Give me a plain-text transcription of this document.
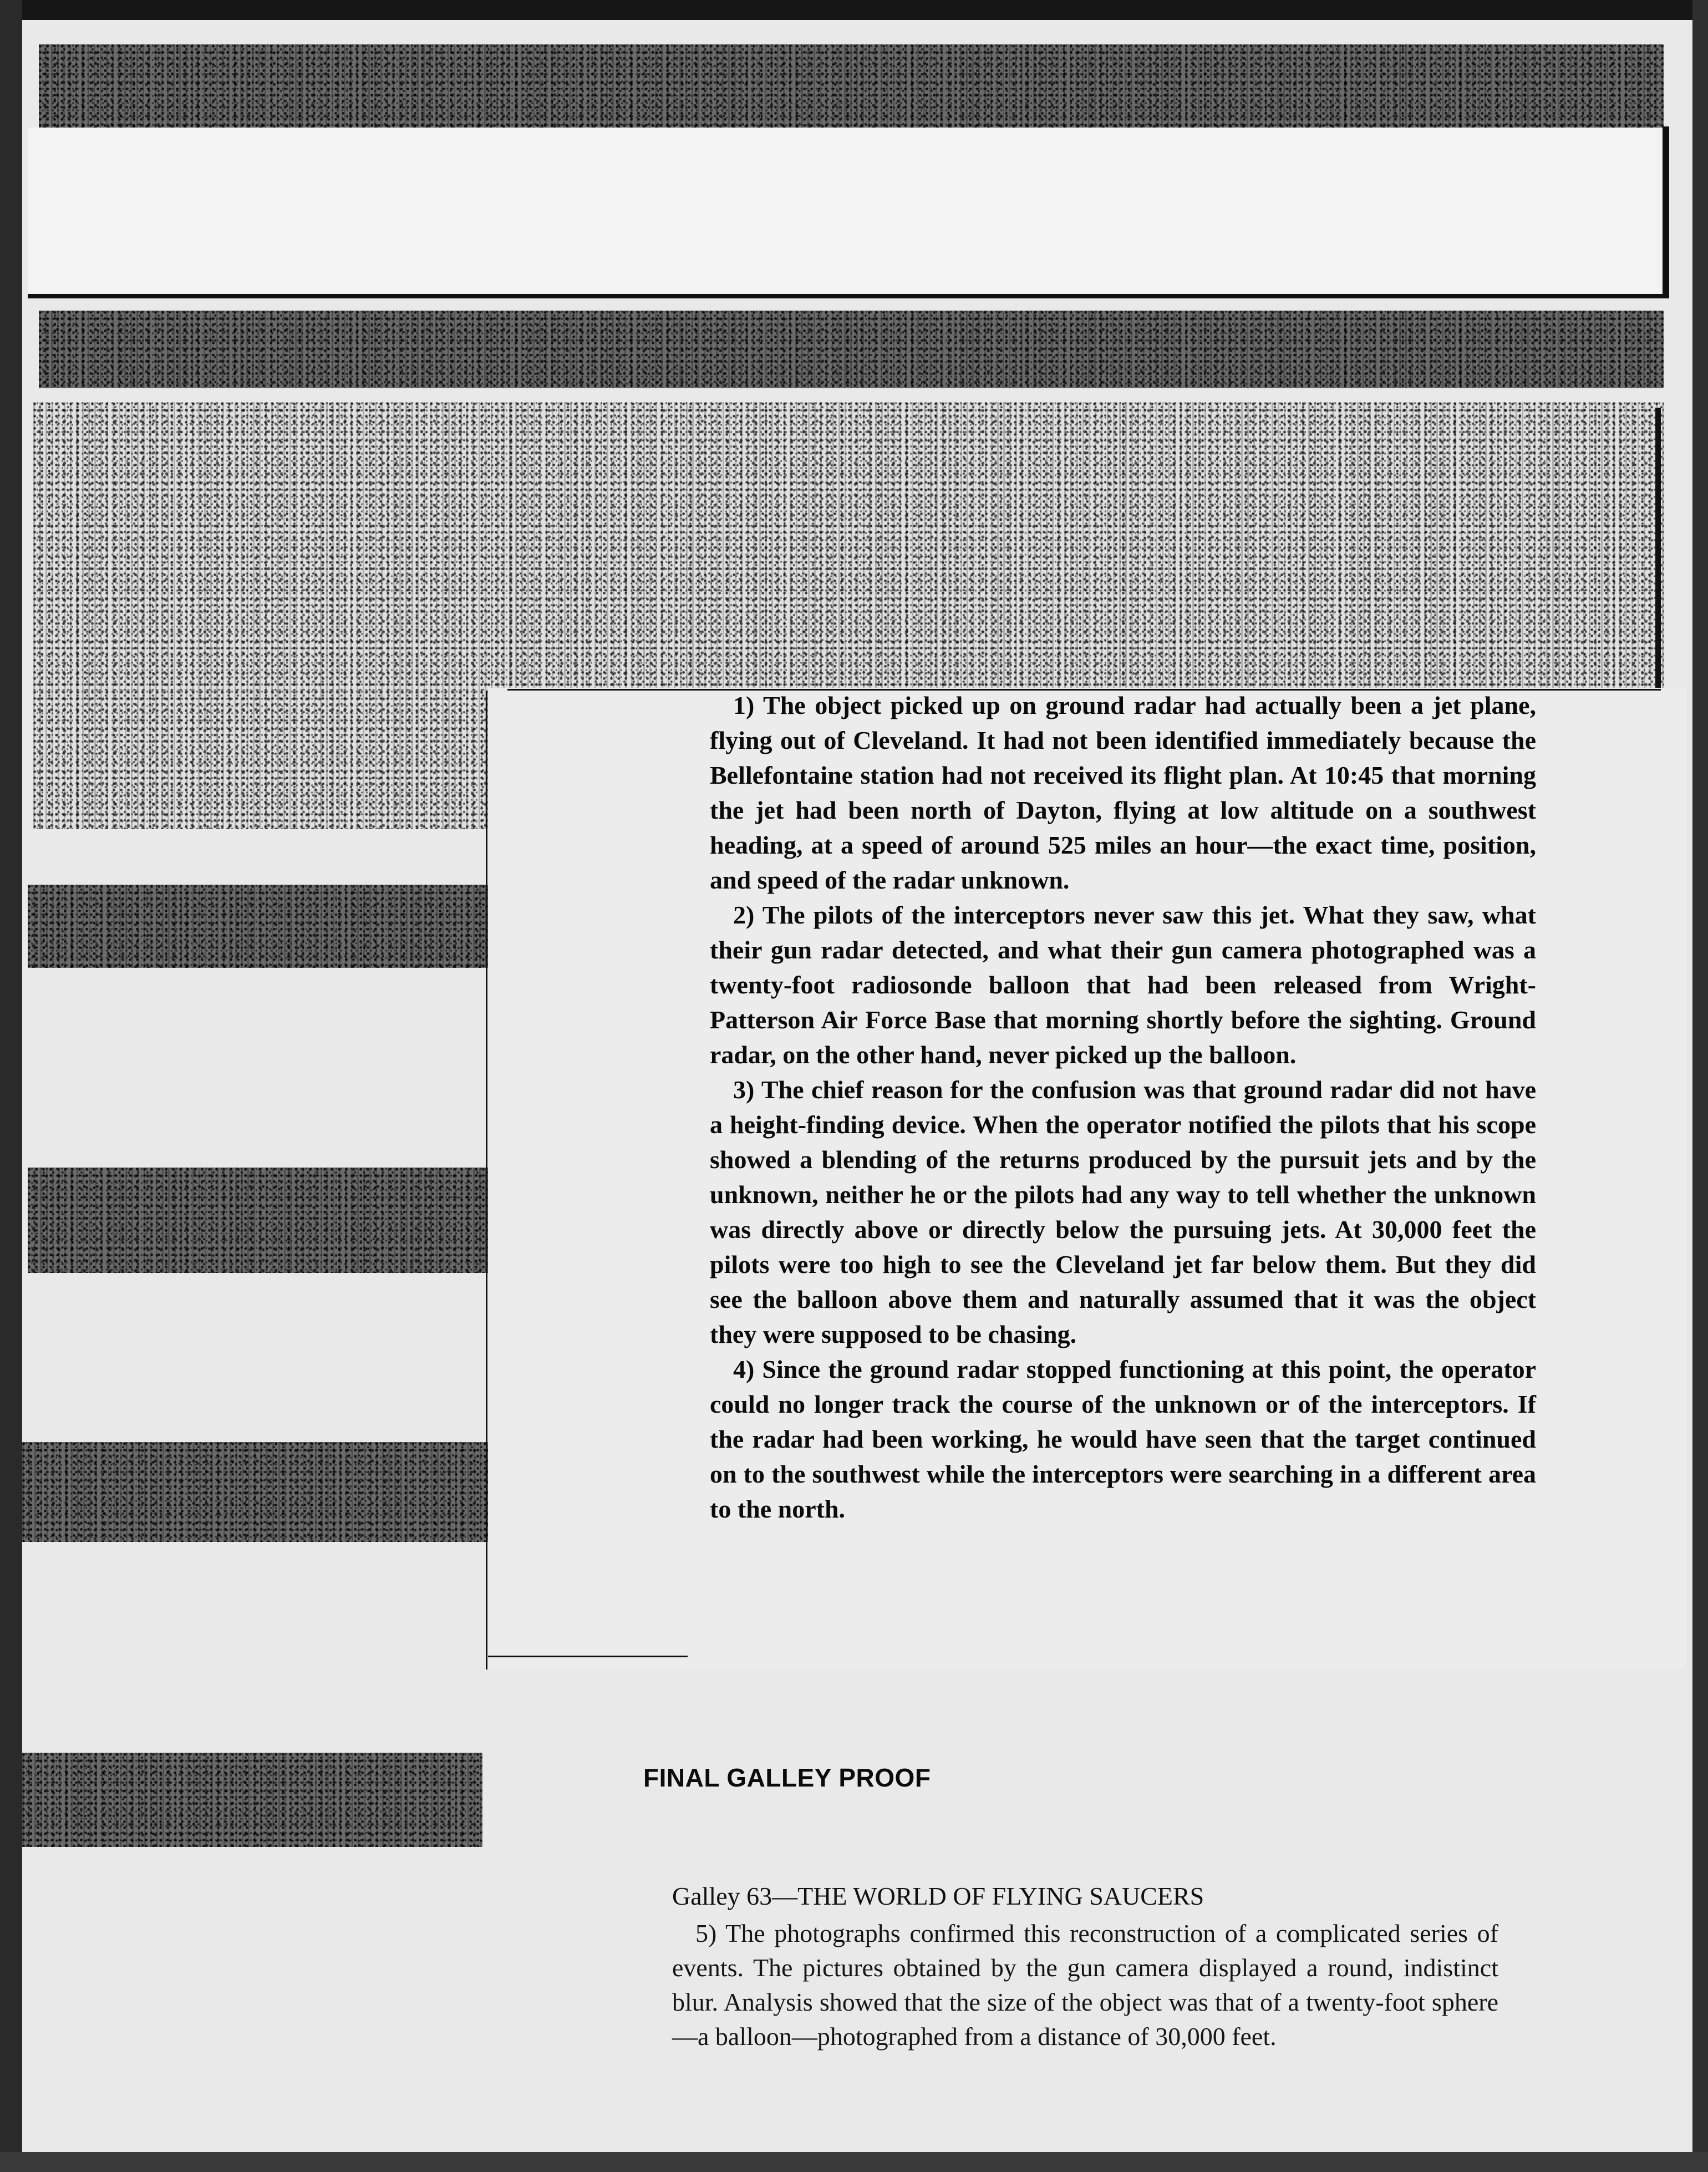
1) The object picked up on ground radar had actually been a jet plane, flying out of Cleveland. It had not been identified immediately because the Bellefontaine station had not received its flight plan. At 10:45 that morning the jet had been north of Dayton, flying at low altitude on a southwest heading, at a speed of around 525 miles an hour—the exact time, position, and speed of the radar unknown.

2) The pilots of the interceptors never saw this jet. What they saw, what their gun radar detected, and what their gun camera photographed was a twenty-foot radiosonde balloon that had been released from Wright-Patterson Air Force Base that morning shortly before the sighting. Ground radar, on the other hand, never picked up the balloon.

3) The chief reason for the confusion was that ground radar did not have a height-finding device. When the operator notified the pilots that his scope showed a blending of the returns produced by the pursuit jets and by the unknown, neither he or the pilots had any way to tell whether the unknown was directly above or directly below the pursuing jets. At 30,000 feet the pilots were too high to see the Cleveland jet far below them. But they did see the balloon above them and naturally assumed that it was the object they were supposed to be chasing.

4) Since the ground radar stopped functioning at this point, the operator could no longer track the course of the unknown or of the interceptors. If the radar had been working, he would have seen that the target continued on to the southwest while the interceptors were searching in a different area to the north.

FINAL GALLEY PROOF
Galley 63—THE WORLD OF FLYING SAUCERS

5) The photographs confirmed this reconstruction of a complicated series of events. The pictures obtained by the gun camera displayed a round, indistinct blur. Analysis showed that the size of the object was that of a twenty-foot sphere—a balloon—photographed from a distance of 30,000 feet.
